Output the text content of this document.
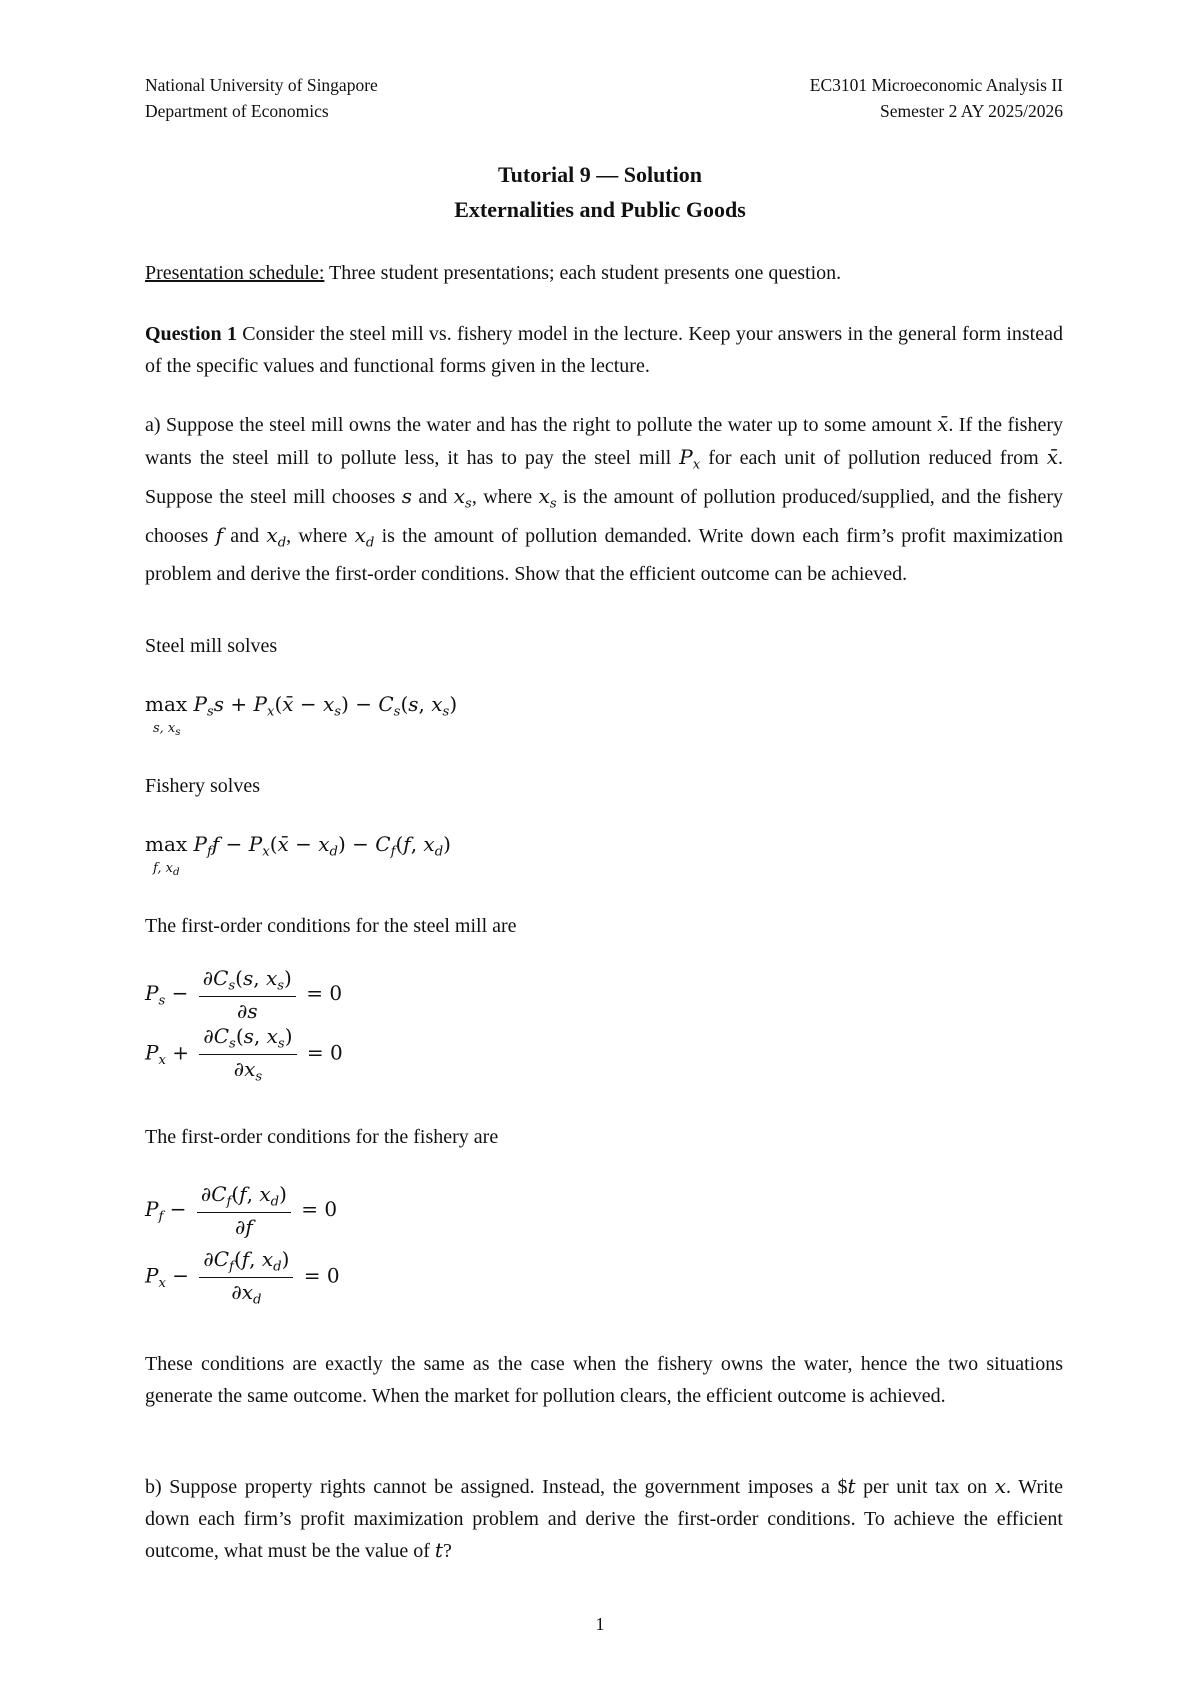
National University of Singapore
Department of Economics
EC3101 Microeconomic Analysis II
Semester 2 AY 2025/2026
Tutorial 9 — Solution
Externalities and Public Goods
Presentation schedule: Three student presentations; each student presents one question.
Question 1 Consider the steel mill vs. fishery model in the lecture. Keep your answers in the general form instead of the specific values and functional forms given in the lecture.
a) Suppose the steel mill owns the water and has the right to pollute the water up to some amount x̄. If the fishery wants the steel mill to pollute less, it has to pay the steel mill $P_x$ for each unit of pollution reduced from x̄. Suppose the steel mill chooses s and $x_s$, where $x_s$ is the amount of pollution produced/supplied, and the fishery chooses f and $x_d$, where $x_d$ is the amount of pollution demanded. Write down each firm’s profit maximization problem and derive the first-order conditions. Show that the efficient outcome can be achieved.
Steel mill solves
$\max P_ss$ + $P_x(x̄ - x_s) - C_s(s$, $x_s$)
s, $x_s$
Fishery solves
$\max P_ff$ − $P_x(x̄ - x_d) - C_f(f$, $x_d$)
f, $x_d$
The first-order conditions for the steel mill are
$P_s - \frac{\partial C_s(s, x_s)}{\partial s} = 0$
$P_x + \frac{\partial C_s(s, x_s)}{\partial x_s} = 0$
The first-order conditions for the fishery are
$P_f - \frac{\partial C_f(f, x_d)}{\partial f} = 0$
$P_x - \frac{\partial C_f(f, x_d)}{\partial x_d} = 0$
These conditions are exactly the same as the case when the fishery owns the water, hence the two situations generate the same outcome. When the market for pollution clears, the efficient outcome is achieved.
b) Suppose property rights cannot be assigned. Instead, the government imposes a $t per unit tax on x. Write down each firm’s profit maximization problem and derive the first-order conditions. To achieve the efficient outcome, what must be the value of t?
1
